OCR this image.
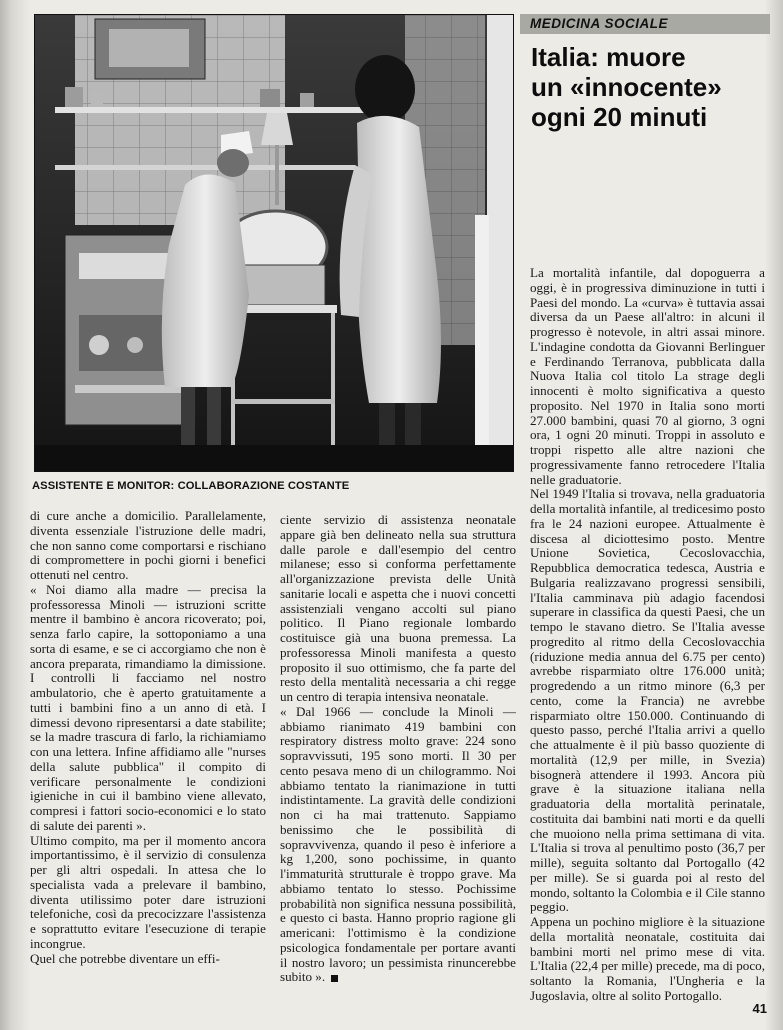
ASSISTENTE E MONITOR: COLLABORAZIONE COSTANTE
MEDICINA SOCIALE
Italia: muore
un «innocente»
ogni 20 minuti

di cure anche a domicilio. Parallelamente, diventa essenziale l'istruzione delle madri, che non sanno come comportarsi e rischiano di compromettere in pochi giorni i benefici ottenuti nel centro.

« Noi diamo alla madre — precisa la professoressa Minoli — istruzioni scritte mentre il bambino è ancora ricoverato; poi, senza farlo capire, la sottoponiamo a una sorta di esame, e se ci accorgiamo che non è ancora preparata, rimandiamo la dimissione. I controlli li facciamo nel nostro ambulatorio, che è aperto gratuitamente a tutti i bambini fino a un anno di età. I dimessi devono ripresentarsi a date stabilite; se la madre trascura di farlo, la richiamiamo con una lettera. Infine affidiamo alle "nurses della salute pubblica" il compito di verificare personalmente le condizioni igieniche in cui il bambino viene allevato, compresi i fattori socio-economici e lo stato di salute dei parenti ».

Ultimo compito, ma per il momento ancora importantissimo, è il servizio di consulenza per gli altri ospedali. In attesa che lo specialista vada a prelevare il bambino, diventa utilissimo poter dare istruzioni telefoniche, così da precocizzare l'assistenza e soprattutto evitare l'esecuzione di terapie incongrue.

Quel che potrebbe diventare un effi-

ciente servizio di assistenza neonatale appare già ben delineato nella sua struttura dalle parole e dall'esempio del centro milanese; esso si conforma perfettamente all'organizzazione prevista delle Unità sanitarie locali e aspetta che i nuovi concetti assistenziali vengano accolti sul piano politico. Il Piano regionale lombardo costituisce già una buona premessa. La professoressa Minoli manifesta a questo proposito il suo ottimismo, che fa parte del resto della mentalità necessaria a chi regge un centro di terapia intensiva neonatale.

« Dal 1966 — conclude la Minoli — abbiamo rianimato 419 bambini con respiratory distress molto grave: 224 sono sopravvissuti, 195 sono morti. Il 30 per cento pesava meno di un chilogrammo. Noi abbiamo tentato la rianimazione in tutti indistintamente. La gravità delle condizioni non ci ha mai trattenuto. Sappiamo benissimo che le possibilità di sopravvivenza, quando il peso è inferiore a kg 1,200, sono pochissime, in quanto l'immaturità strutturale è troppo grave. Ma abbiamo tentato lo stesso. Pochissime probabilità non significa nessuna possibilità, e questo ci basta. Hanno proprio ragione gli americani: l'ottimismo è la condizione psicologica fondamentale per portare avanti il nostro lavoro; un pessimista rinuncerebbe subito ».

La mortalità infantile, dal dopoguerra a oggi, è in progressiva diminuzione in tutti i Paesi del mondo. La «curva» è tuttavia assai diversa da un Paese all'altro: in alcuni il progresso è notevole, in altri assai minore. L'indagine condotta da Giovanni Berlinguer e Ferdinando Terranova, pubblicata dalla Nuova Italia col titolo La strage degli innocenti è molto significativa a questo proposito. Nel 1970 in Italia sono morti 27.000 bambini, quasi 70 al giorno, 3 ogni ora, 1 ogni 20 minuti. Troppi in assoluto e troppi rispetto alle altre nazioni che progressivamente fanno retrocedere l'Italia nelle graduatorie.

Nel 1949 l'Italia si trovava, nella graduatoria della mortalità infantile, al tredicesimo posto fra le 24 nazioni europee. Attualmente è discesa al diciottesimo posto. Mentre Unione Sovietica, Cecoslovacchia, Repubblica democratica tedesca, Austria e Bulgaria realizzavano progressi sensibili, l'Italia camminava più adagio facendosi superare in classifica da questi Paesi, che un tempo le stavano dietro. Se l'Italia avesse progredito al ritmo della Cecoslovacchia (riduzione media annua del 6.75 per cento) avrebbe risparmiato oltre 176.000 unità; progredendo a un ritmo minore (6,3 per cento, come la Francia) ne avrebbe risparmiato oltre 150.000. Continuando di questo passo, perché l'Italia arrivi a quello che attualmente è il più basso quoziente di mortalità (12,9 per mille, in Svezia) bisognerà attendere il 1993. Ancora più grave è la situazione italiana nella graduatoria della mortalità perinatale, costituita dai bambini nati morti e da quelli che muoiono nella prima settimana di vita. L'Italia si trova al penultimo posto (36,7 per mille), seguita soltanto dal Portogallo (42 per mille). Se si guarda poi al resto del mondo, soltanto la Colombia e il Cile stanno peggio.

Appena un pochino migliore è la situazione della mortalità neonatale, costituita dai bambini morti nel primo mese di vita. L'Italia (22,4 per mille) precede, ma di poco, soltanto la Romania, l'Ungheria e la Jugoslavia, oltre al solito Portogallo.

41
